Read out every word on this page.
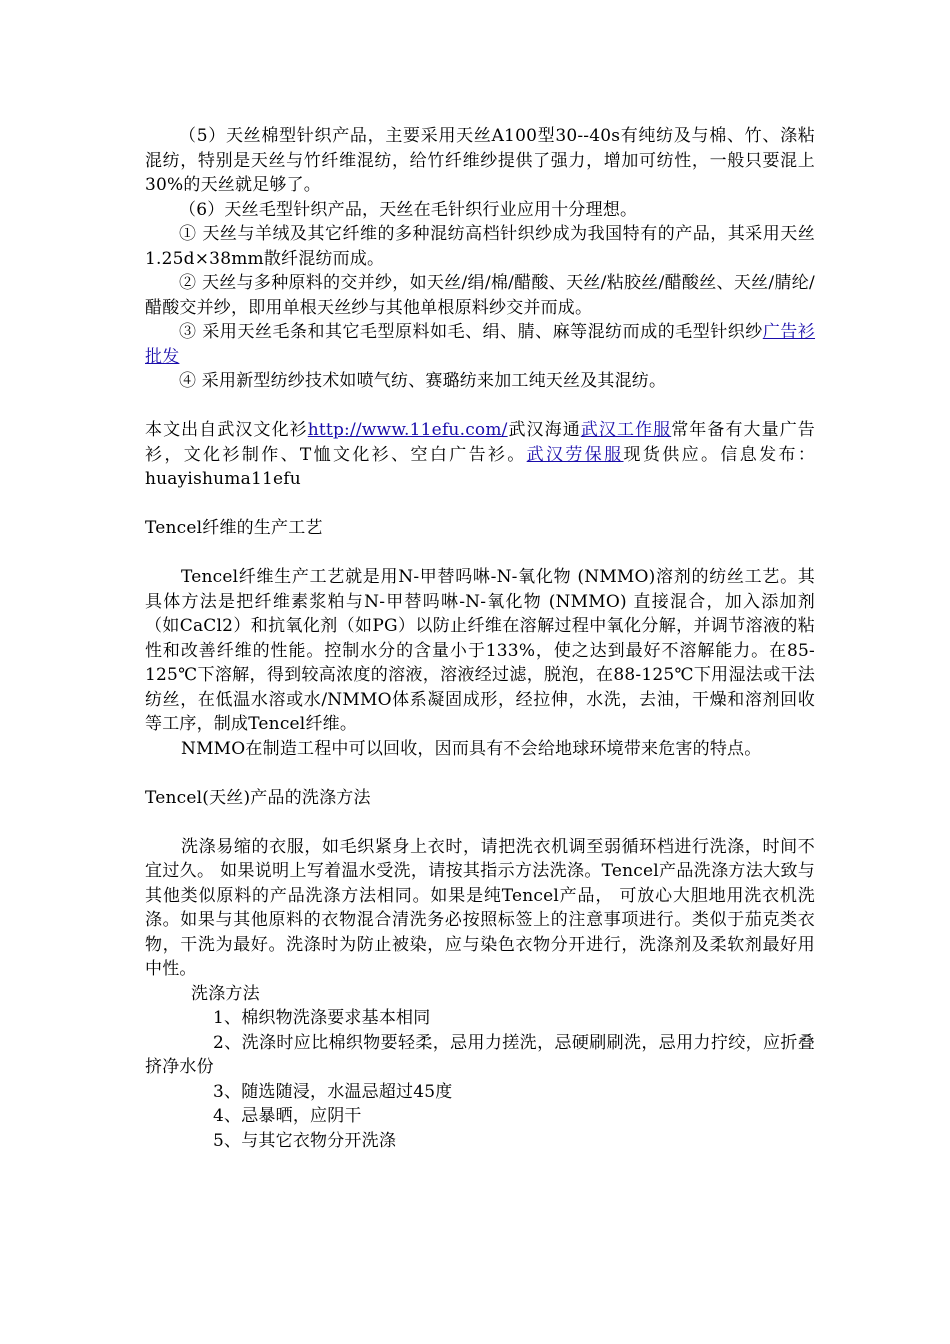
（5）天丝棉型针织产品，主要采用天丝A100型30--40s有纯纺及与棉、竹、涤粘混纺，特别是天丝与竹纤维混纺，给竹纤维纱提供了强力，增加可纺性，一般只要混上30%的天丝就足够了。

（6）天丝毛型针织产品，天丝在毛针织行业应用十分理想。

① 天丝与羊绒及其它纤维的多种混纺高档针织纱成为我国特有的产品，其采用天丝1.25d×38mm散纤混纺而成。

② 天丝与多种原料的交并纱，如天丝/绢/棉/醋酸、天丝/粘胶丝/醋酸丝、天丝/腈纶/醋酸交并纱，即用单根天丝纱与其他单根原料纱交并而成。

③ 采用天丝毛条和其它毛型原料如毛、绢、腈、麻等混纺而成的毛型针织纱广告衫批发

④ 采用新型纺纱技术如喷气纺、赛璐纺来加工纯天丝及其混纺。

本文出自武汉文化衫http://www.11efu.com/武汉海通武汉工作服常年备有大量广告衫，文化衫制作、T恤文化衫、空白广告衫。武汉劳保服现货供应。信息发布：huayishuma11efu

Tencel纤维的生产工艺

Tencel纤维生产工艺就是用N-甲替吗啉-N-氧化物 (NMMO)溶剂的纺丝工艺。其具体方法是把纤维素浆粕与N-甲替吗啉-N-氧化物 (NMMO) 直接混合，加入添加剂（如CaCl2）和抗氧化剂（如PG）以防止纤维在溶解过程中氧化分解，并调节溶液的粘性和改善纤维的性能。控制水分的含量小于133%，使之达到最好不溶解能力。在85-125℃下溶解，得到较高浓度的溶液，溶液经过滤，脱泡，在88-125℃下用湿法或干法纺丝，在低温水溶或水/NMMO体系凝固成形，经拉伸，水洗，去油，干燥和溶剂回收等工序，制成Tencel纤维。

NMMO在制造工程中可以回收，因而具有不会给地球环境带来危害的特点。

Tencel(天丝)产品的洗涤方法

洗涤易缩的衣服，如毛织紧身上衣时，请把洗衣机调至弱循环档进行洗涤，时间不宜过久。 如果说明上写着温水受洗，请按其指示方法洗涤。Tencel产品洗涤方法大致与其他类似原料的产品洗涤方法相同。如果是纯Tencel产品， 可放心大胆地用洗衣机洗涤。如果与其他原料的衣物混合清洗务必按照标签上的注意事项进行。类似于茄克类衣物，干洗为最好。洗涤时为防止被染，应与染色衣物分开进行，洗涤剂及柔软剂最好用中性。

洗涤方法

1、棉织物洗涤要求基本相同

2、洗涤时应比棉织物要轻柔，忌用力搓洗，忌硬刷刷洗，忌用力拧绞，应折叠挤净水份

3、随选随浸，水温忌超过45度

4、忌暴晒，应阴干

5、与其它衣物分开洗涤
